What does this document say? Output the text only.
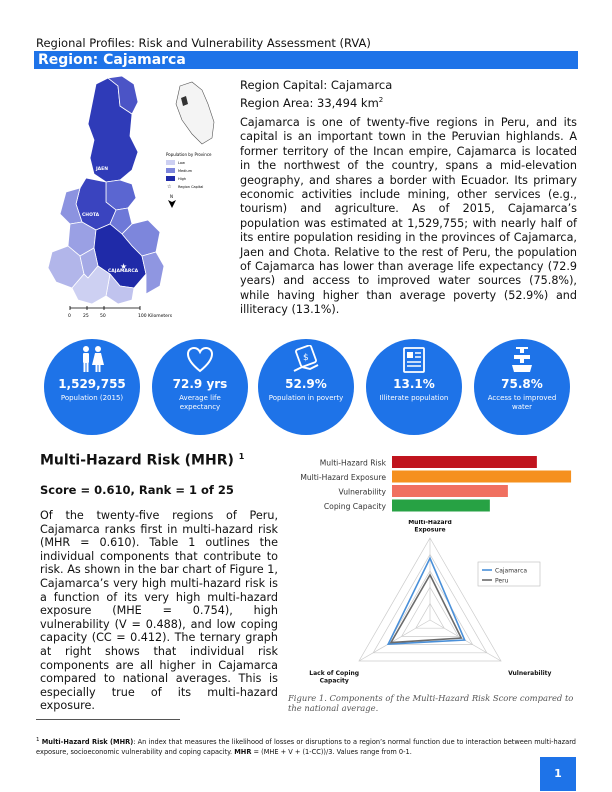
Regional Profiles: Risk and Vulnerability Assessment (RVA)
Region: Cajamarca
★
JAEN
CHOTA
CAJAMARCA
Population by Province
Low
Medium
High
☆ Region Capital
N
0	25	50	100 Kilometers
Region Capital: Cajamarca
Region Area: 33,494 $km^2$
Cajamarca is one of twenty-five regions in Peru, and its capital is an important town in the Peruvian highlands. A former territory of the Incan empire, Cajamarca is located in the northwest of the country, spans a mid-elevation geography, and shares a border with Ecuador. Its primary economic activities include mining, other services (e.g., tourism) and agriculture. As of 2015, Cajamarca’s population was estimated at 1,529,755; with nearly half of its entire population residing in the provinces of Cajamarca, Jaen and Chota. Relative to the rest of Peru, the population of Cajamarca has lower than average life expectancy (72.9 years) and access to improved water sources (75.8%), while having higher than average poverty (52.9%) and illiteracy (13.1%).
1,529,755
Population (2015)
72.9 yrs
Average life expectancy
$
52.9%
Population in poverty
13.1%
Illiterate population
75.8%
Access to improved water
Multi-Hazard Risk (MHR) $^1$
Score = 0.610, Rank = 1 of 25
Of the twenty-five regions of Peru, Cajamarca ranks first in multi-hazard risk (MHR = 0.610). Table 1 outlines the individual components that contribute to risk. As shown in the bar chart of Figure 1, Cajamarca’s very high multi-hazard risk is a function of its very high multi-hazard exposure (MHE = 0.754), high vulnerability (V = 0.488), and low coping capacity (CC = 0.412). The ternary graph at right shows that individual risk components are all higher in Cajamarca compared to national averages. This is especially true of its multi-hazard exposure.
Multi-Hazard Risk
Multi-Hazard Exposure
Vulnerability
Coping Capacity
Multi-Hazard
Exposure
Vulnerability
Lack of Coping
Capacity
Cajamarca
Peru
Figure 1. Components of the Multi-Hazard Risk Score compared to the national average.
$^1$ Multi-Hazard Risk (MHR): An index that measures the likelihood of losses or disruptions to a region’s normal function due to interaction between multi-hazard exposure, socioeconomic vulnerability and coping capacity. MHR = (MHE + V + (1-CC))/3. Values range from 0-1.
1
